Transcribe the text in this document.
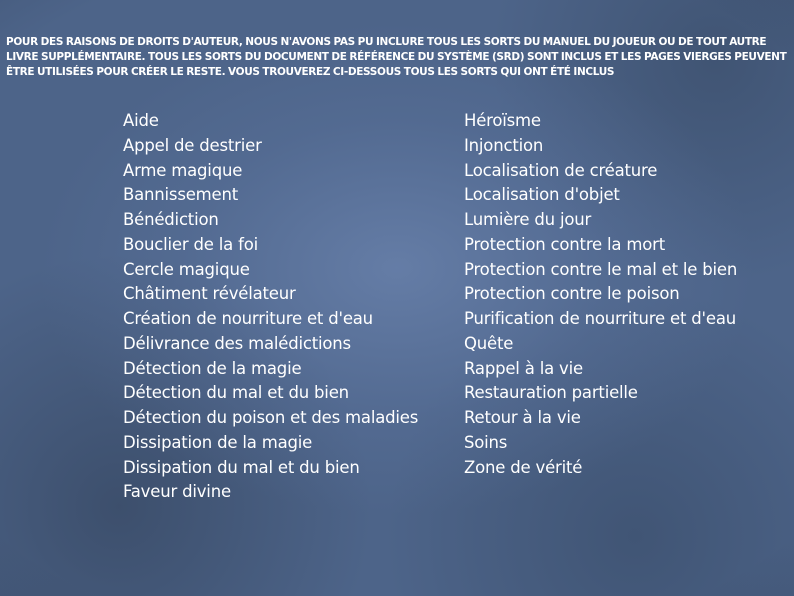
POUR DES RAISONS DE DROITS D'AUTEUR, NOUS N'AVONS PAS PU INCLURE TOUS LES SORTS DU MANUEL DU JOUEUR OU DE TOUT AUTRE LIVRE SUPPLÉMENTAIRE. TOUS LES SORTS DU DOCUMENT DE RÉFÉRENCE DU SYSTÈME (SRD) SONT INCLUS ET LES PAGES VIERGES PEUVENT ÊTRE UTILISÉES POUR CRÉER LE RESTE. VOUS TROUVEREZ CI-DESSOUS TOUS LES SORTS QUI ONT ÉTÉ INCLUS

Aide
Appel de destrier
Arme magique
Bannissement
Bénédiction
Bouclier de la foi
Cercle magique
Châtiment révélateur
Création de nourriture et d'eau
Délivrance des malédictions
Détection de la magie
Détection du mal et du bien
Détection du poison et des maladies
Dissipation de la magie
Dissipation du mal et du bien
Faveur divine
Héroïsme
Injonction
Localisation de créature
Localisation d'objet
Lumière du jour
Protection contre la mort
Protection contre le mal et le bien
Protection contre le poison
Purification de nourriture et d'eau
Quête
Rappel à la vie
Restauration partielle
Retour à la vie
Soins
Zone de vérité
